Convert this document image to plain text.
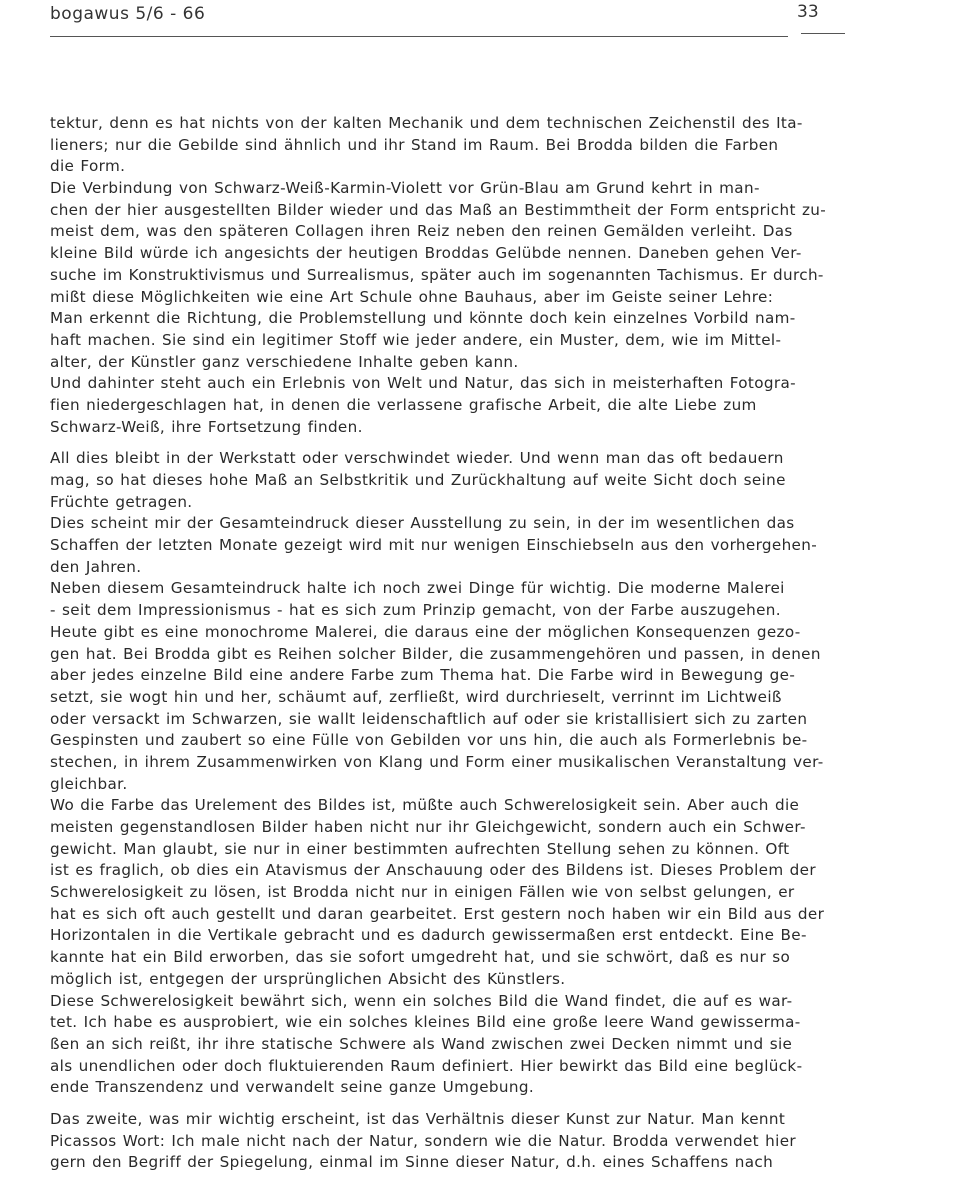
bogawus 5/6 - 66	33
tektur, denn es hat nichts von der kalten Mechanik und dem technischen Zeichenstil des Ita-
lieners; nur die Gebilde sind ähnlich und ihr Stand im Raum. Bei Brodda bilden die Farben
die Form.
Die Verbindung von Schwarz-Weiß-Karmin-Violett vor Grün-Blau am Grund kehrt in man-
chen der hier ausgestellten Bilder wieder und das Maß an Bestimmtheit der Form entspricht zu-
meist dem, was den späteren Collagen ihren Reiz neben den reinen Gemälden verleiht. Das
kleine Bild würde ich angesichts der heutigen Broddas Gelübde nennen. Daneben gehen Ver-
suche im Konstruktivismus und Surrealismus, später auch im sogenannten Tachismus. Er durch-
mißt diese Möglichkeiten wie eine Art Schule ohne Bauhaus, aber im Geiste seiner Lehre:
Man erkennt die Richtung, die Problemstellung und könnte doch kein einzelnes Vorbild nam-
haft machen. Sie sind ein legitimer Stoff wie jeder andere, ein Muster, dem, wie im Mittel-
alter, der Künstler ganz verschiedene Inhalte geben kann.
Und dahinter steht auch ein Erlebnis von Welt und Natur, das sich in meisterhaften Fotogra-
fien niedergeschlagen hat, in denen die verlassene grafische Arbeit, die alte Liebe zum
Schwarz-Weiß, ihre Fortsetzung finden.
All dies bleibt in der Werkstatt oder verschwindet wieder. Und wenn man das oft bedauern
mag, so hat dieses hohe Maß an Selbstkritik und Zurückhaltung auf weite Sicht doch seine
Früchte getragen.
Dies scheint mir der Gesamteindruck dieser Ausstellung zu sein, in der im wesentlichen das
Schaffen der letzten Monate gezeigt wird mit nur wenigen Einschiebseln aus den vorhergehen-
den Jahren.
Neben diesem Gesamteindruck halte ich noch zwei Dinge für wichtig. Die moderne Malerei
- seit dem Impressionismus - hat es sich zum Prinzip gemacht, von der Farbe auszugehen.
Heute gibt es eine monochrome Malerei, die daraus eine der möglichen Konsequenzen gezo-
gen hat. Bei Brodda gibt es Reihen solcher Bilder, die zusammengehören und passen, in denen
aber jedes einzelne Bild eine andere Farbe zum Thema hat. Die Farbe wird in Bewegung ge-
setzt, sie wogt hin und her, schäumt auf, zerfließt, wird durchrieselt, verrinnt im Lichtweiß
oder versackt im Schwarzen, sie wallt leidenschaftlich auf oder sie kristallisiert sich zu zarten
Gespinsten und zaubert so eine Fülle von Gebilden vor uns hin, die auch als Formerlebnis be-
stechen, in ihrem Zusammenwirken von Klang und Form einer musikalischen Veranstaltung ver-
gleichbar.
Wo die Farbe das Urelement des Bildes ist, müßte auch Schwerelosigkeit sein. Aber auch die
meisten gegenstandlosen Bilder haben nicht nur ihr Gleichgewicht, sondern auch ein Schwer-
gewicht. Man glaubt, sie nur in einer bestimmten aufrechten Stellung sehen zu können. Oft
ist es fraglich, ob dies ein Atavismus der Anschauung oder des Bildens ist. Dieses Problem der
Schwerelosigkeit zu lösen, ist Brodda nicht nur in einigen Fällen wie von selbst gelungen, er
hat es sich oft auch gestellt und daran gearbeitet. Erst gestern noch haben wir ein Bild aus der
Horizontalen in die Vertikale gebracht und es dadurch gewissermaßen erst entdeckt. Eine Be-
kannte hat ein Bild erworben, das sie sofort umgedreht hat, und sie schwört, daß es nur so
möglich ist, entgegen der ursprünglichen Absicht des Künstlers.
Diese Schwerelosigkeit bewährt sich, wenn ein solches Bild die Wand findet, die auf es war-
tet. Ich habe es ausprobiert, wie ein solches kleines Bild eine große leere Wand gewisserma-
ßen an sich reißt, ihr ihre statische Schwere als Wand zwischen zwei Decken nimmt und sie
als unendlichen oder doch fluktuierenden Raum definiert. Hier bewirkt das Bild eine beglück-
ende Transzendenz und verwandelt seine ganze Umgebung.
Das zweite, was mir wichtig erscheint, ist das Verhältnis dieser Kunst zur Natur. Man kennt
Picassos Wort: Ich male nicht nach der Natur, sondern wie die Natur. Brodda verwendet hier
gern den Begriff der Spiegelung, einmal im Sinne dieser Natur, d.h. eines Schaffens nach
